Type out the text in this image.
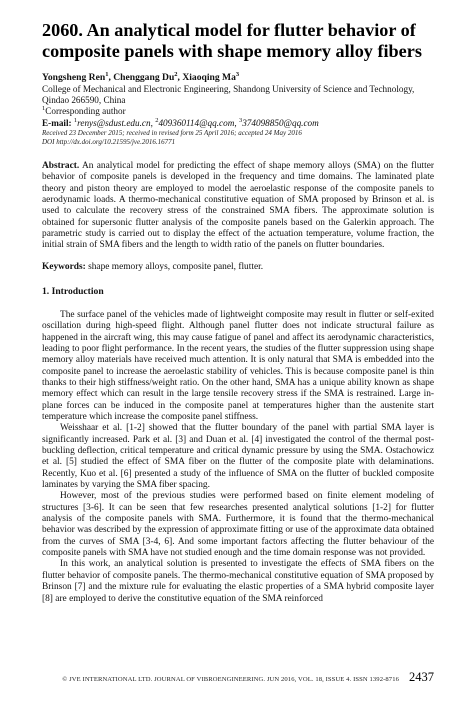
2060. An analytical model for flutter behavior of composite panels with shape memory alloy fibers

Yongsheng Ren$^1$, Chenggang Du$^2$, Xiaoqing Ma$^3$

College of Mechanical and Electronic Engineering, Shandong University of Science and Technology, Qindao 266590, China

$^1$Corresponding author

E-mail: $^1$renys@sdust.edu.cn, $^2$409360114@qq.com, $^3$374098850@qq.com

Received 23 December 2015; received in revised form 25 April 2016; accepted 24 May 2016

DOI http://dx.doi.org/10.21595/jve.2016.16771

Abstract. An analytical model for predicting the effect of shape memory alloys (SMA) on the flutter behavior of composite panels is developed in the frequency and time domains. The laminated plate theory and piston theory are employed to model the aeroelastic response of the composite panels to aerodynamic loads. A thermo-mechanical constitutive equation of SMA proposed by Brinson et al. is used to calculate the recovery stress of the constrained SMA fibers. The approximate solution is obtained for supersonic flutter analysis of the composite panels based on the Galerkin approach. The parametric study is carried out to display the effect of the actuation temperature, volume fraction, the initial strain of SMA fibers and the length to width ratio of the panels on flutter boundaries.

Keywords: shape memory alloys, composite panel, flutter.

1. Introduction

The surface panel of the vehicles made of lightweight composite may result in flutter or self-exited oscillation during high-speed flight. Although panel flutter does not indicate structural failure as happened in the aircraft wing, this may cause fatigue of panel and affect its aerodynamic characteristics, leading to poor flight performance. In the recent years, the studies of the flutter suppression using shape memory alloy materials have received much attention. It is only natural that SMA is embedded into the composite panel to increase the aeroelastic stability of vehicles. This is because composite panel is thin thanks to their high stiffness/weight ratio. On the other hand, SMA has a unique ability known as shape memory effect which can result in the large tensile recovery stress if the SMA is restrained. Large in-plane forces can be induced in the composite panel at temperatures higher than the austenite start temperature which increase the composite panel stiffness.

Weisshaar et al. [1-2] showed that the flutter boundary of the panel with partial SMA layer is significantly increased. Park et al. [3] and Duan et al. [4] investigated the control of the thermal post-buckling deflection, critical temperature and critical dynamic pressure by using the SMA. Ostachowicz et al. [5] studied the effect of SMA fiber on the flutter of the composite plate with delaminations. Recently, Kuo et al. [6] presented a study of the influence of SMA on the flutter of buckled composite laminates by varying the SMA fiber spacing.

However, most of the previous studies were performed based on finite element modeling of structures [3-6]. It can be seen that few researches presented analytical solutions [1-2] for flutter analysis of the composite panels with SMA. Furthermore, it is found that the thermo-mechanical behavior was described by the expression of approximate fitting or use of the approximate data obtained from the curves of SMA [3-4, 6]. And some important factors affecting the flutter behaviour of the composite panels with SMA have not studied enough and the time domain response was not provided.

In this work, an analytical solution is presented to investigate the effects of SMA fibers on the flutter behavior of composite panels. The thermo-mechanical constitutive equation of SMA proposed by Brinson [7] and the mixture rule for evaluating the elastic properties of a SMA hybrid composite layer [8] are employed to derive the constitutive equation of the SMA reinforced

© JVE INTERNATIONAL LTD. JOURNAL OF VIBROENGINEERING. JUN 2016, VOL. 18, ISSUE 4. ISSN 1392-8716 2437
